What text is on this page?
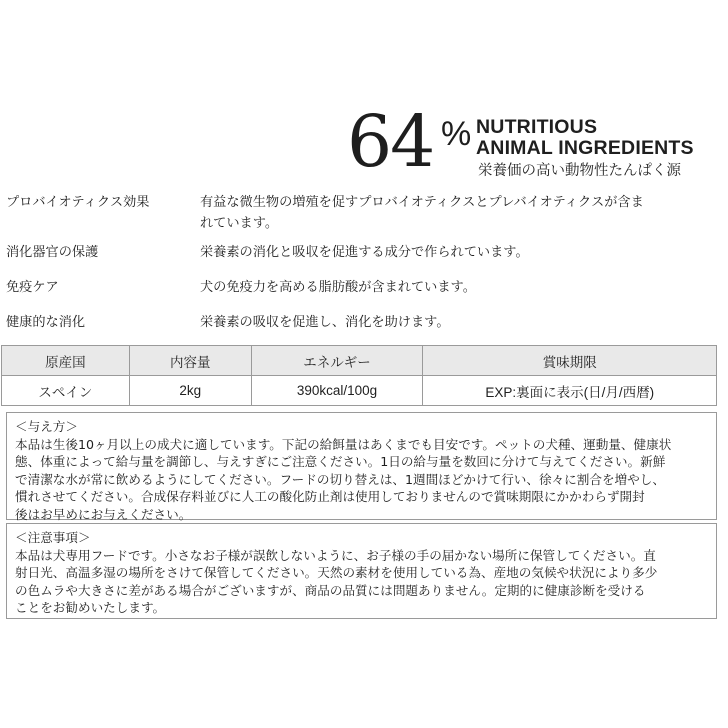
64 % NUTRITIOUS
ANIMAL INGREDIENTS
栄養価の高い動物性たんぱく源
プロバイオティクス効果	有益な微生物の増殖を促すプロバイオティクスとプレバイオティクスが含ま
れています。
消化器官の保護	栄養素の消化と吸収を促進する成分で作られています。
免疫ケア	犬の免疫力を高める脂肪酸が含まれています。
健康的な消化	栄養素の吸収を促進し、消化を助けます。
原産国	内容量	エネルギー	賞味期限
スペイン	2kg	390kcal/100g	EXP:裏面に表示(日/月/西暦)

＜与え方＞

本品は生後10ヶ月以上の成犬に適しています。下記の給餌量はあくまでも目安です。ペットの犬種、運動量、健康状

態、体重によって給与量を調節し、与えすぎにご注意ください。1日の給与量を数回に分けて与えてください。新鮮

で清潔な水が常に飲めるようにしてください。フードの切り替えは、1週間ほどかけて行い、徐々に割合を増やし、

慣れさせてください。合成保存料並びに人工の酸化防止剤は使用しておりませんので賞味期限にかかわらず開封

後はお早めにお与えください。

＜注意事項＞

本品は犬専用フードです。小さなお子様が誤飲しないように、お子様の手の届かない場所に保管してください。直

射日光、高温多湿の場所をさけて保管してください。天然の素材を使用している為、産地の気候や状況により多少

の色ムラや大きさに差がある場合がございますが、商品の品質には問題ありません。定期的に健康診断を受ける

ことをお勧めいたします。
